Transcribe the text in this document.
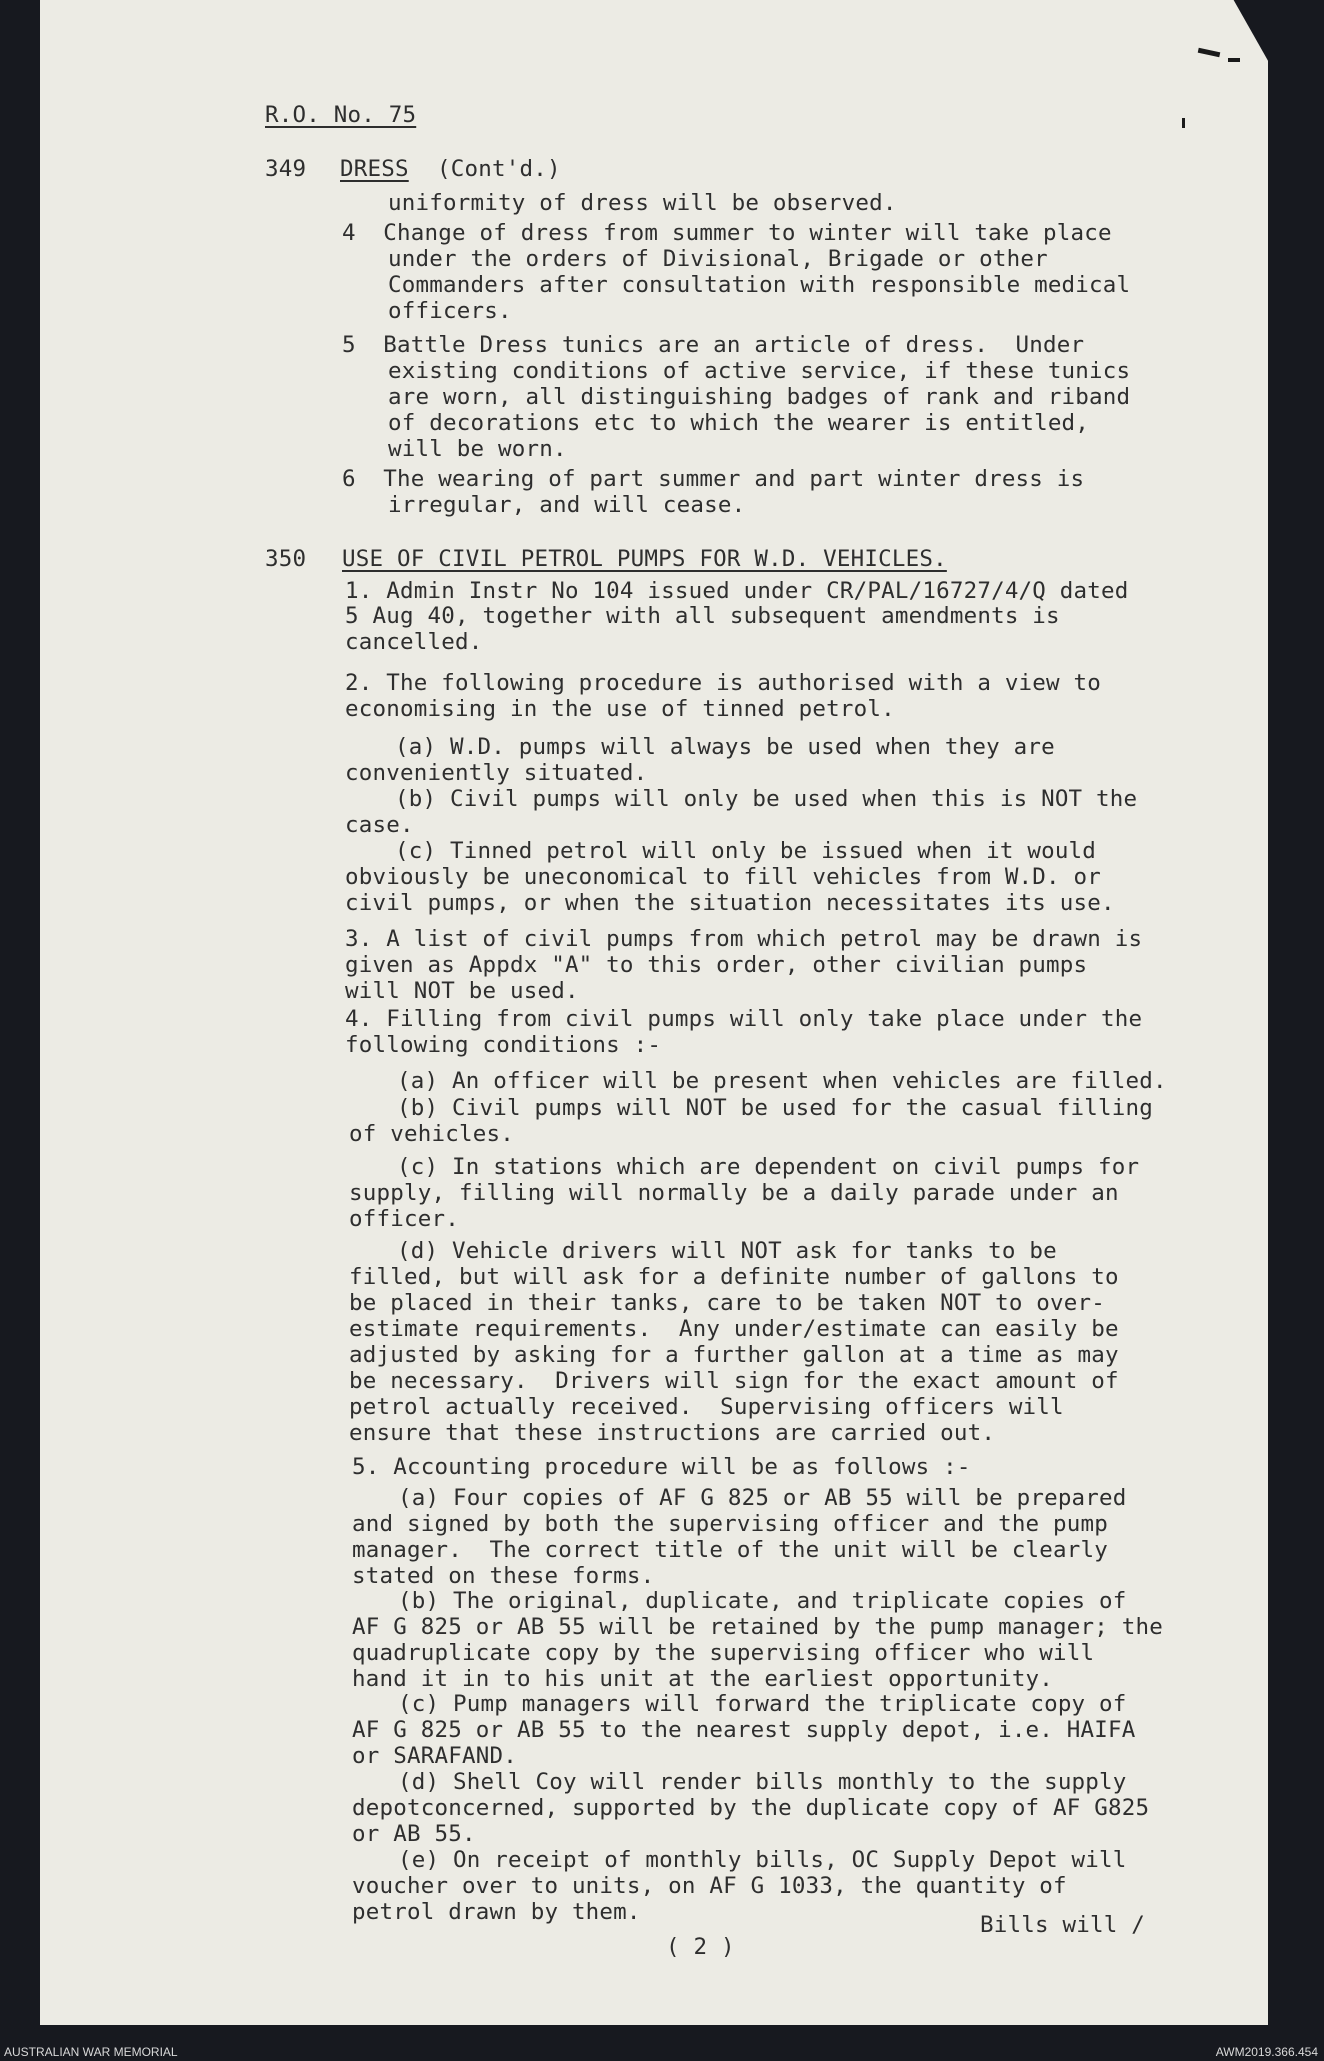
R.O. No. 75
349 DRESS (Cont'd.)
uniformity of dress will be observed.
4  Change of dress from summer to winter will take place
under the orders of Divisional, Brigade or other
Commanders after consultation with responsible medical
officers.
5  Battle Dress tunics are an article of dress.  Under
existing conditions of active service, if these tunics
are worn, all distinguishing badges of rank and riband
of decorations etc to which the wearer is entitled,
will be worn.
6  The wearing of part summer and part winter dress is
irregular, and will cease.
350 USE OF CIVIL PETROL PUMPS FOR W.D. VEHICLES.
1. Admin Instr No 104 issued under CR/PAL/16727/4/Q dated
5 Aug 40, together with all subsequent amendments is
cancelled.
2. The following procedure is authorised with a view to
economising in the use of tinned petrol.
(a) W.D. pumps will always be used when they are
conveniently situated.
(b) Civil pumps will only be used when this is NOT the
case.
(c) Tinned petrol will only be issued when it would
obviously be uneconomical to fill vehicles from W.D. or
civil pumps, or when the situation necessitates its use.
3. A list of civil pumps from which petrol may be drawn is
given as Appdx "A" to this order, other civilian pumps
will NOT be used.
4. Filling from civil pumps will only take place under the
following conditions :-
(a) An officer will be present when vehicles are filled.
(b) Civil pumps will NOT be used for the casual filling
of vehicles.
(c) In stations which are dependent on civil pumps for
supply, filling will normally be a daily parade under an
officer.
(d) Vehicle drivers will NOT ask for tanks to be
filled, but will ask for a definite number of gallons to
be placed in their tanks, care to be taken NOT to over-
estimate requirements.  Any under/estimate can easily be
adjusted by asking for a further gallon at a time as may
be necessary.  Drivers will sign for the exact amount of
petrol actually received.  Supervising officers will
ensure that these instructions are carried out.
5. Accounting procedure will be as follows :-
(a) Four copies of AF G 825 or AB 55 will be prepared
and signed by both the supervising officer and the pump
manager.  The correct title of the unit will be clearly
stated on these forms.
(b) The original, duplicate, and triplicate copies of
AF G 825 or AB 55 will be retained by the pump manager; the
quadruplicate copy by the supervising officer who will
hand it in to his unit at the earliest opportunity.
(c) Pump managers will forward the triplicate copy of
AF G 825 or AB 55 to the nearest supply depot, i.e. HAIFA
or SARAFAND.
(d) Shell Coy will render bills monthly to the supply
depotconcerned, supported by the duplicate copy of AF G825
or AB 55.
(e) On receipt of monthly bills, OC Supply Depot will
voucher over to units, on AF G 1033, the quantity of
petrol drawn by them.
( 2 )
Bills will /
AUSTRALIAN WAR MEMORIAL	AWM2019.366.454
